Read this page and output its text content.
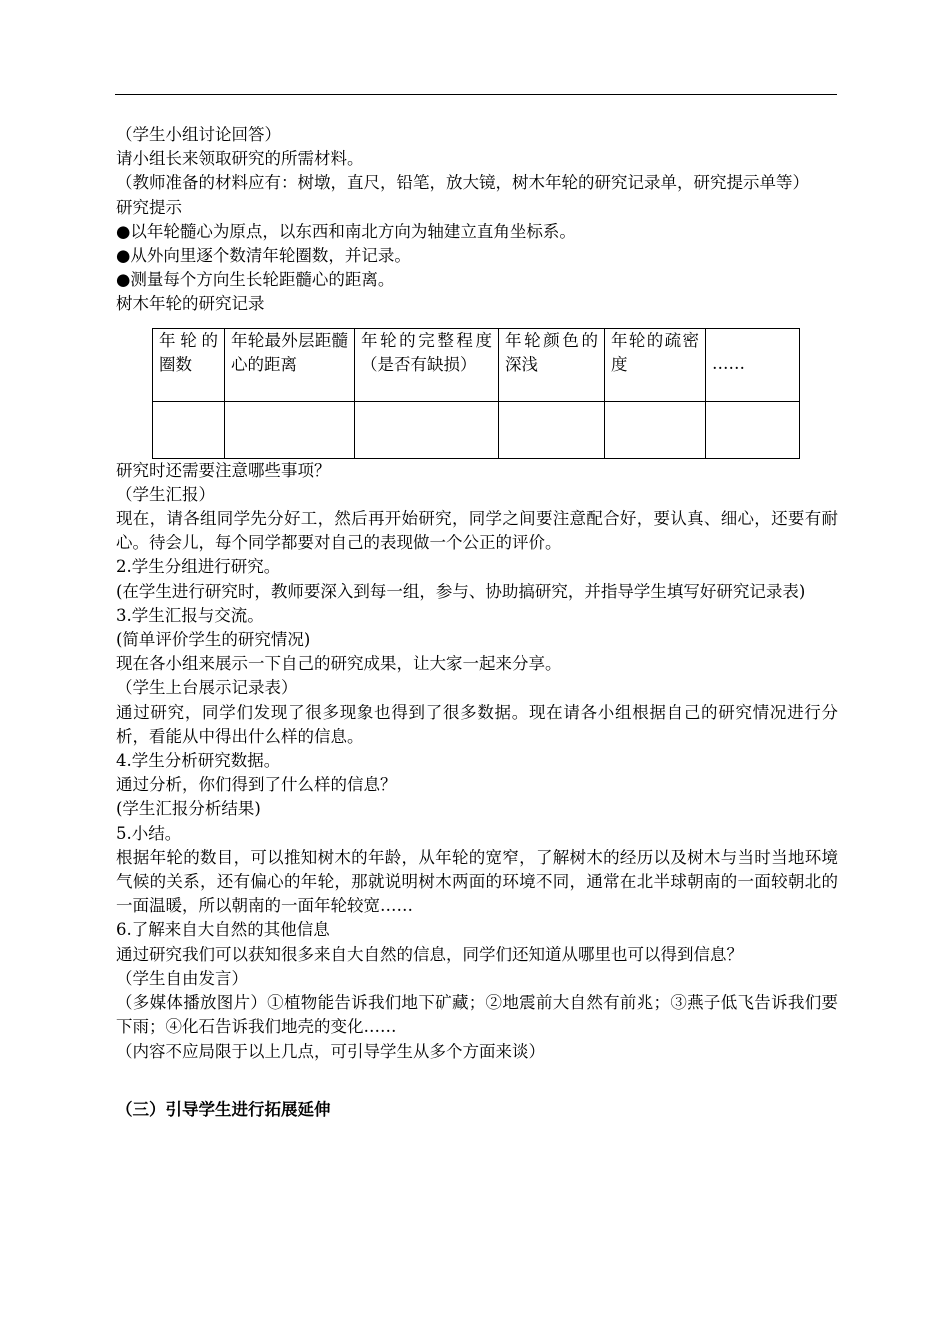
（学生小组讨论回答）

请小组长来领取研究的所需材料。

（教师准备的材料应有：树墩，直尺，铅笔，放大镜，树木年轮的研究记录单，研究提示单等）

研究提示

●以年轮髓心为原点，以东西和南北方向为轴建立直角坐标系。

●从外向里逐个数清年轮圈数，并记录。

●测量每个方向生长轮距髓心的距离。

树木年轮的研究记录

年轮的圈数	年轮最外层距髓心的距离	年轮的完整程度（是否有缺损）	年轮颜色的深浅	年轮的疏密度	……

研究时还需要注意哪些事项？

（学生汇报）

现在，请各组同学先分好工，然后再开始研究，同学之间要注意配合好，要认真、细心，还要有耐心。待会儿，每个同学都要对自己的表现做一个公正的评价。

2.学生分组进行研究。

(在学生进行研究时，教师要深入到每一组，参与、协助搞研究，并指导学生填写好研究记录表)

3.学生汇报与交流。

(简单评价学生的研究情况)

现在各小组来展示一下自己的研究成果，让大家一起来分享。

（学生上台展示记录表）

通过研究，同学们发现了很多现象也得到了很多数据。现在请各小组根据自己的研究情况进行分析，看能从中得出什么样的信息。

4.学生分析研究数据。

通过分析，你们得到了什么样的信息？

(学生汇报分析结果)

5.小结。

根据年轮的数目，可以推知树木的年龄，从年轮的宽窄，了解树木的经历以及树木与当时当地环境气候的关系，还有偏心的年轮，那就说明树木两面的环境不同，通常在北半球朝南的一面较朝北的一面温暖，所以朝南的一面年轮较宽……

6.了解来自大自然的其他信息

通过研究我们可以获知很多来自大自然的信息，同学们还知道从哪里也可以得到信息？

（学生自由发言）

（多媒体播放图片）①植物能告诉我们地下矿藏；②地震前大自然有前兆；③燕子低飞告诉我们要下雨；④化石告诉我们地壳的变化……

（内容不应局限于以上几点，可引导学生从多个方面来谈）

（三）引导学生进行拓展延伸
